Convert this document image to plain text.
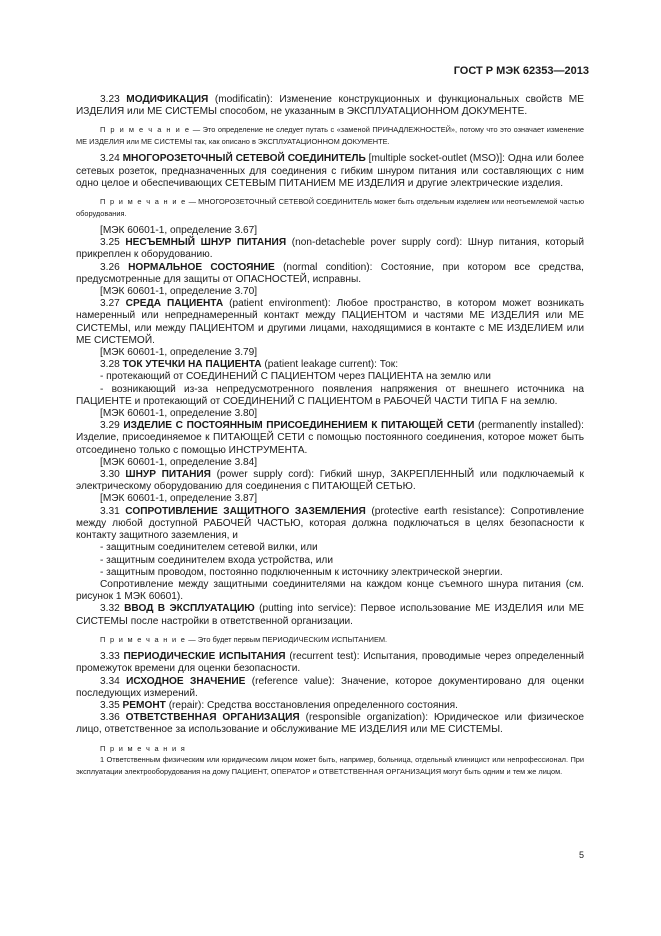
ГОСТ Р МЭК 62353—2013

3.23 МОДИФИКАЦИЯ (modificatin): Изменение конструкционных и функциональных свойств МЕ ИЗДЕЛИЯ или МЕ СИСТЕМЫ способом, не указанным в ЭКСПЛУАТАЦИОННОМ ДОКУМЕНТЕ.

П р и м е ч а н и е — Это определение не следует путать с «заменой ПРИНАДЛЕЖНОСТЕЙ», потому что это означает изменение МЕ ИЗДЕЛИЯ или МЕ СИСТЕМЫ так, как описано в ЭКСПЛУАТАЦИОННОМ ДОКУМЕНТЕ.

3.24 МНОГОРОЗЕТОЧНЫЙ СЕТЕВОЙ СОЕДИНИТЕЛЬ [multiple socket-outlet (MSO)]: Одна или более сетевых розеток, предназначенных для соединения с гибким шнуром питания или составляющих с ним одно целое и обеспечивающих СЕТЕВЫМ ПИТАНИЕМ МЕ ИЗДЕЛИЯ и другие электрические изделия.

П р и м е ч а н и е — МНОГОРОЗЕТОЧНЫЙ СЕТЕВОЙ СОЕДИНИТЕЛЬ может быть отдельным изделием или неотъемлемой частью оборудования.

[МЭК 60601-1, определение 3.67]

3.25 НЕСЪЕМНЫЙ ШНУР ПИТАНИЯ (non-detacheble pover supply cord): Шнур питания, который прикреплен к оборудованию.

3.26 НОРМАЛЬНОЕ СОСТОЯНИЕ (normal condition): Состояние, при котором все средства, предусмотренные для защиты от ОПАСНОСТЕЙ, исправны.

[МЭК 60601-1, определение 3.70]

3.27 СРЕДА ПАЦИЕНТА (patient environment): Любое пространство, в котором может возникать намеренный или непреднамеренный контакт между ПАЦИЕНТОМ и частями МЕ ИЗДЕЛИЯ или МЕ СИСТЕМЫ, или между ПАЦИЕНТОМ и другими лицами, находящимися в контакте с МЕ ИЗДЕЛИЕМ или МЕ СИСТЕМОЙ.

[МЭК 60601-1, определение 3.79]

3.28 ТОК УТЕЧКИ НА ПАЦИЕНТА (patient leakage current): Ток:

- протекающий от СОЕДИНЕНИЙ С ПАЦИЕНТОМ через ПАЦИЕНТА на землю или

- возникающий из-за непредусмотренного появления напряжения от внешнего источника на ПАЦИЕНТЕ и протекающий от СОЕДИНЕНИЙ С ПАЦИЕНТОМ в РАБОЧЕЙ ЧАСТИ ТИПА F на землю.

[МЭК 60601-1, определение 3.80]

3.29 ИЗДЕЛИЕ С ПОСТОЯННЫМ ПРИСОЕДИНЕНИЕМ К ПИТАЮЩЕЙ СЕТИ (permanently installed): Изделие, присоединяемое к ПИТАЮЩЕЙ СЕТИ с помощью постоянного соединения, которое может быть отсоединено только с помощью ИНСТРУМЕНТА.

[МЭК 60601-1, определение 3.84]

3.30 ШНУР ПИТАНИЯ (power supply cord): Гибкий шнур, ЗАКРЕПЛЕННЫЙ или подключаемый к электрическому оборудованию для соединения с ПИТАЮЩЕЙ СЕТЬЮ.

[МЭК 60601-1, определение 3.87]

3.31 СОПРОТИВЛЕНИЕ ЗАЩИТНОГО ЗАЗЕМЛЕНИЯ (protective earth resistance): Сопротивление между любой доступной РАБОЧЕЙ ЧАСТЬЮ, которая должна подключаться в целях безопасности к контакту защитного заземления, и

- защитным соединителем сетевой вилки, или

- защитным соединителем входа устройства, или

- защитным проводом, постоянно подключенным к источнику электрической энергии.

Сопротивление между защитными соединителями на каждом конце съемного шнура питания (см. рисунок 1 МЭК 60601).

3.32 ВВОД В ЭКСПЛУАТАЦИЮ (putting into service): Первое использование МЕ ИЗДЕЛИЯ или МЕ СИСТЕМЫ после настройки в ответственной организации.

П р и м е ч а н и е — Это будет первым ПЕРИОДИЧЕСКИМ ИСПЫТАНИЕМ.

3.33 ПЕРИОДИЧЕСКИЕ ИСПЫТАНИЯ (recurrent test): Испытания, проводимые через определенный промежуток времени для оценки безопасности.

3.34 ИСХОДНОЕ ЗНАЧЕНИЕ (reference value): Значение, которое документировано для оценки последующих измерений.

3.35 РЕМОНТ (repair): Средства восстановления определенного состояния.

3.36 ОТВЕТСТВЕННАЯ ОРГАНИЗАЦИЯ (responsible organization): Юридическое или физическое лицо, ответственное за использование и обслуживание МЕ ИЗДЕЛИЯ или МЕ СИСТЕМЫ.

П р и м е ч а н и я

1 Ответственным физическим или юридическим лицом может быть, например, больница, отдельный клиницист или непрофессионал. При эксплуатации электрооборудования на дому ПАЦИЕНТ, ОПЕРАТОР и ОТВЕТСТВЕННАЯ ОРГАНИЗАЦИЯ могут быть одним и тем же лицом.

5
